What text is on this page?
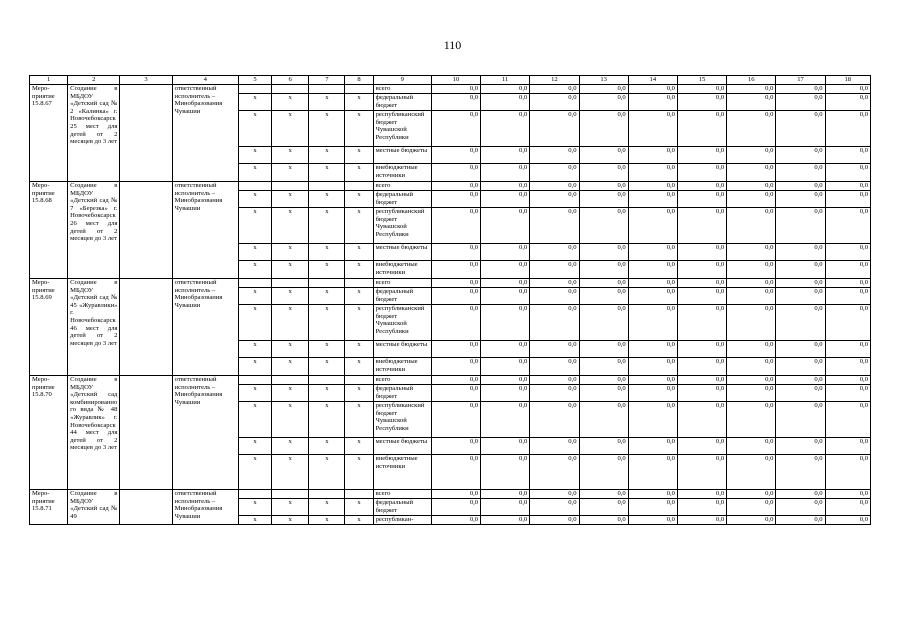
110
1	2	3	4	5	6	7	8	9	10	11	12	13	14	15	16	17	18
Меро-приятие 15.8.67	Создание в МБДОУ «Детский сад № 2 «Калинка» г. Новочебоксарск 25 мест для детей от 2 месяцев до 3 лет		ответственный исполнитель – Минобразования Чувашии					всего	0,0	0,0	0,0	0,0	0,0	0,0	0,0	0,0	0,0
				x	x	x	x	федеральный бюджет	0,0	0,0	0,0	0,0	0,0	0,0	0,0	0,0	0,0
				x	x	x	x	республиканский бюджет Чувашской Республики	0,0	0,0	0,0	0,0	0,0	0,0	0,0	0,0	0,0
				x	x	x	x	местные бюджеты	0,0	0,0	0,0	0,0	0,0	0,0	0,0	0,0	0,0
				x	x	x	x	внебюджетные источники	0,0	0,0	0,0	0,0	0,0	0,0	0,0	0,0	0,0
Меро-приятие 15.8.68	Создание в МБДОУ «Детский сад № 7 «Березка» г. Новочебоксарск 26 мест для детей от 2 месяцев до 3 лет		ответственный исполнитель – Минобразования Чувашии					всего	0,0	0,0	0,0	0,0	0,0	0,0	0,0	0,0	0,0
				x	x	x	x	федеральный бюджет	0,0	0,0	0,0	0,0	0,0	0,0	0,0	0,0	0,0
				x	x	x	x	республиканский бюджет Чувашской Республики	0,0	0,0	0,0	0,0	0,0	0,0	0,0	0,0	0,0
				x	x	x	x	местные бюджеты	0,0	0,0	0,0	0,0	0,0	0,0	0,0	0,0	0,0
				x	x	x	x	внебюджетные источники	0,0	0,0	0,0	0,0	0,0	0,0	0,0	0,0	0,0
Меро-приятие 15.8.69	Создание в МБДОУ «Детский сад № 45 «Журавлики» г. Новочебоксарск 46 мест для детей от 2 месяцев до 3 лет		ответственный исполнитель – Минобразования Чувашии					всего	0,0	0,0	0,0	0,0	0,0	0,0	0,0	0,0	0,0
				x	x	x	x	федеральный бюджет	0,0	0,0	0,0	0,0	0,0	0,0	0,0	0,0	0,0
				x	x	x	x	республиканский бюджет Чувашской Республики	0,0	0,0	0,0	0,0	0,0	0,0	0,0	0,0	0,0
				x	x	x	x	местные бюджеты	0,0	0,0	0,0	0,0	0,0	0,0	0,0	0,0	0,0
				x	x	x	x	внебюджетные источники	0,0	0,0	0,0	0,0	0,0	0,0	0,0	0,0	0,0
Меро-приятие 15.8.70	Создание в МБДОУ «Детский сад комбинированного вида № 48 «Журавлик» г. Новочебоксарск 44 мест для детей от 2 месяцев до 3 лет		ответственный исполнитель – Минобразования Чувашии					всего	0,0	0,0	0,0	0,0	0,0	0,0	0,0	0,0	0,0
				x	x	x	x	федеральный бюджет	0,0	0,0	0,0	0,0	0,0	0,0	0,0	0,0	0,0
				x	x	x	x	республиканский бюджет Чувашской Республики	0,0	0,0	0,0	0,0	0,0	0,0	0,0	0,0	0,0
				x	x	x	x	местные бюджеты	0,0	0,0	0,0	0,0	0,0	0,0	0,0	0,0	0,0
				x	x	x	x	внебюджетные источники	0,0	0,0	0,0	0,0	0,0	0,0	0,0	0,0	0,0
Меро-приятие 15.8.71	Создание в МБДОУ «Детский сад № 49		ответственный исполнитель – Минобразования Чувашии					всего	0,0	0,0	0,0	0,0	0,0	0,0	0,0	0,0	0,0
				x	x	x	x	федеральный бюджет	0,0	0,0	0,0	0,0	0,0	0,0	0,0	0,0	0,0
				x	x	x	x	республикан-	0,0	0,0	0,0	0,0	0,0	0,0	0,0	0,0	0,0
